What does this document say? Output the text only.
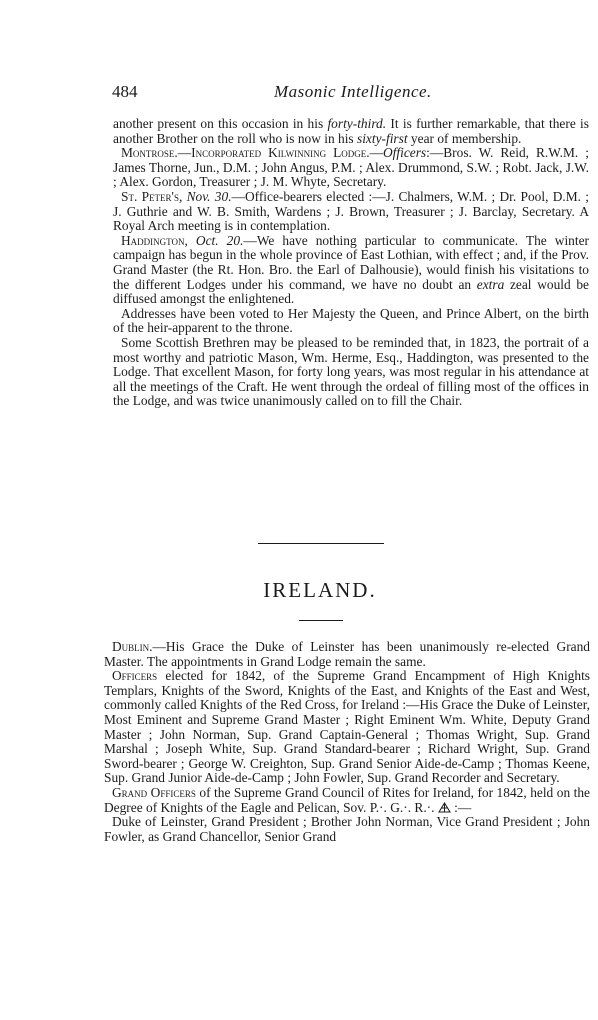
484	Masonic Intelligence.

another present on this occasion in his forty-third. It is further remarkable, that there is another Brother on the roll who is now in his sixty-first year of membership.

Montrose.—Incorporated Kilwinning Lodge.—Officers:—Bros. W. Reid, R.W.M. ; James Thorne, Jun., D.M. ; John Angus, P.M. ; Alex. Drummond, S.W. ; Robt. Jack, J.W. ; Alex. Gordon, Treasurer ; J. M. Whyte, Secretary.

St. Peter's, Nov. 30.—Office-bearers elected :—J. Chalmers, W.M. ; Dr. Pool, D.M. ; J. Guthrie and W. B. Smith, Wardens ; J. Brown, Treasurer ; J. Barclay, Secretary. A Royal Arch meeting is in contemplation.

Haddington, Oct. 20.—We have nothing particular to communicate. The winter campaign has begun in the whole province of East Lothian, with effect ; and, if the Prov. Grand Master (the Rt. Hon. Bro. the Earl of Dalhousie), would finish his visitations to the different Lodges under his command, we have no doubt an extra zeal would be diffused amongst the enlightened.

Addresses have been voted to Her Majesty the Queen, and Prince Albert, on the birth of the heir-apparent to the throne.

Some Scottish Brethren may be pleased to be reminded that, in 1823, the portrait of a most worthy and patriotic Mason, Wm. Herme, Esq., Haddington, was presented to the Lodge. That excellent Mason, for forty long years, was most regular in his attendance at all the meetings of the Craft. He went through the ordeal of filling most of the offices in the Lodge, and was twice unanimously called on to fill the Chair.

IRELAND.

Dublin.—His Grace the Duke of Leinster has been unanimously re-elected Grand Master. The appointments in Grand Lodge remain the same.

Officers elected for 1842, of the Supreme Grand Encampment of High Knights Templars, Knights of the Sword, Knights of the East, and Knights of the East and West, commonly called Knights of the Red Cross, for Ireland :—His Grace the Duke of Leinster, Most Eminent and Supreme Grand Master ; Right Eminent Wm. White, Deputy Grand Master ; John Norman, Sup. Grand Captain-General ; Thomas Wright, Sup. Grand Marshal ; Joseph White, Sup. Grand Standard-bearer ; Richard Wright, Sup. Grand Sword-bearer ; George W. Creighton, Sup. Grand Senior Aide-de-Camp ; Thomas Keene, Sup. Grand Junior Aide-de-Camp ; John Fowler, Sup. Grand Recorder and Secretary.

Grand Officers of the Supreme Grand Council of Rites for Ireland, for 1842, held on the Degree of Knights of the Eagle and Pelican, Sov. P.·. G.·. R.·.  :—

Duke of Leinster, Grand President ; Brother John Norman, Vice Grand President ; John Fowler, as Grand Chancellor, Senior Grand
